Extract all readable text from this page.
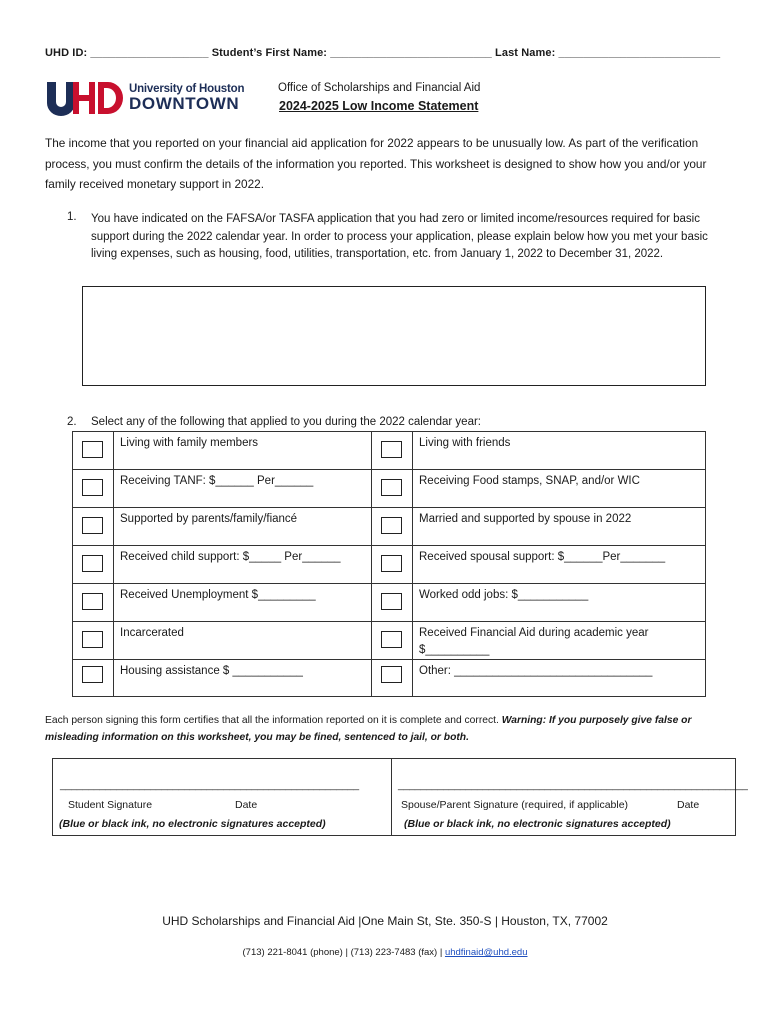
UHD ID: ___________________ Student’s First Name: __________________________ Last Name: __________________________
University of Houston
DOWNTOWN
Office of Scholarships and Financial Aid
2024-2025 Low Income Statement
The income that you reported on your financial aid application for 2022 appears to be unusually low. As part of the verification process, you must confirm the details of the information you reported. This worksheet is designed to show how you and/or your family received monetary support in 2022.
1. You have indicated on the FAFSA/or TASFA application that you had zero or limited income/resources required for basic support during the 2022 calendar year. In order to process your application, please explain below how you met your basic living expenses, such as housing, food, utilities, transportation, etc. from January 1, 2022 to December 31, 2022.
2. Select any of the following that applied to you during the 2022 calendar year:
	Living with family members		Living with friends

	Receiving TANF: $______ Per______		Receiving Food stamps, SNAP, and/or WIC

	Supported by parents/family/fiancé		Married and supported by spouse in 2022

	Received child support: $_____ Per______		Received spousal support: $______Per_______

	Received Unemployment $_________		Worked odd jobs: $___________

	Incarcerated		Received Financial Aid during academic year $__________

	Housing assistance $ ___________		Other: _______________________________
Each person signing this form certifies that all the information reported on it is complete and correct. Warning: If you purposely give false or misleading information on this worksheet, you may be fined, sentenced to jail, or both.
_____________________________________________________
Student Signature	Date
(Blue or black ink, no electronic signatures accepted)
______________________________________________________________
Spouse/Parent Signature (required, if applicable)	Date
(Blue or black ink, no electronic signatures accepted)
UHD Scholarships and Financial Aid |One Main St, Ste. 350-S | Houston, TX, 77002
(713) 221-8041 (phone) | (713) 223-7483 (fax) | uhdfinaid@uhd.edu
